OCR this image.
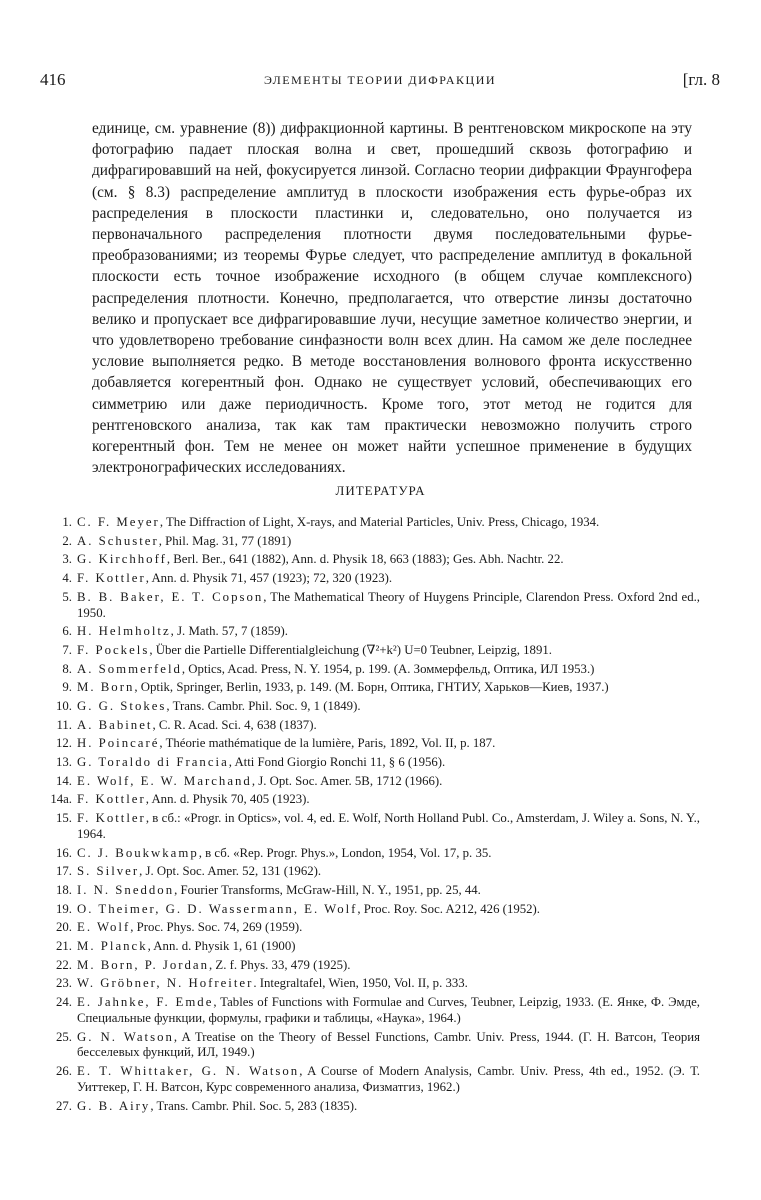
416	ЭЛЕМЕНТЫ ТЕОРИИ ДИФРАКЦИИ	[гл. 8

единице, см. уравнение (8)) дифракционной картины. В рентгеновском микроскопе на эту фотографию падает плоская волна и свет, прошедший сквозь фотографию и дифрагировавший на ней, фокусируется линзой. Согласно теории дифракции Фраунгофера (см. § 8.3) распределение амплитуд в плоскости изображения есть фурье-образ их распределения в плоскости пластинки и, следовательно, оно получается из первоначального распределения плотности двумя последовательными фурье-преобразованиями; из теоремы Фурье следует, что распределение амплитуд в фокальной плоскости есть точное изображение исходного (в общем случае комплексного) распределения плотности. Конечно, предполагается, что отверстие линзы достаточно велико и пропускает все дифрагировавшие лучи, несущие заметное количество энергии, и что удовлетворено требование синфазности волн всех длин. На самом же деле последнее условие выполняется редко. В методе восстановления волнового фронта искусственно добавляется когерентный фон. Однако не существует условий, обеспечивающих его симметрию или даже периодичность. Кроме того, этот метод не годится для рентгеновского анализа, так как там практически невозможно получить строго когерентный фон. Тем не менее он может найти успешное применение в будущих электронографических исследованиях.

ЛИТЕРАТУРА
1. C. F. Meyer, The Diffraction of Light, X-rays, and Material Particles, Univ. Press, Chicago, 1934.
2. A. Schuster, Phil. Mag. 31, 77 (1891)
3. G. Kirchhoff, Berl. Ber., 641 (1882), Ann. d. Physik 18, 663 (1883); Ges. Abh. Nachtr. 22.
4. F. Kottler, Ann. d. Physik 71, 457 (1923); 72, 320 (1923).
5. B. B. Baker, E. T. Copson, The Mathematical Theory of Huygens Principle, Clarendon Press. Oxford 2nd ed., 1950.
6. H. Helmholtz, J. Math. 57, 7 (1859).
7. F. Pockels, Über die Partielle Differentialgleichung (∇²+k²) U=0 Teubner, Leipzig, 1891.
8. A. Sommerfeld, Optics, Acad. Press, N. Y. 1954, p. 199. (А. Зоммерфельд, Оптика, ИЛ 1953.)
9. M. Born, Optik, Springer, Berlin, 1933, p. 149. (М. Борн, Оптика, ГНТИУ, Харьков—Киев, 1937.)
10. G. G. Stokes, Trans. Cambr. Phil. Soc. 9, 1 (1849).
11. A. Babinet, C. R. Acad. Sci. 4, 638 (1837).
12. H. Poincaré, Théorie mathématique de la lumière, Paris, 1892, Vol. II, p. 187.
13. G. Toraldo di Francia, Atti Fond Giorgio Ronchi 11, § 6 (1956).
14. E. Wolf, E. W. Marchand, J. Opt. Soc. Amer. 5B, 1712 (1966).
14a. F. Kottler, Ann. d. Physik 70, 405 (1923).
15. F. Kottler, в сб.: «Progr. in Optics», vol. 4, ed. E. Wolf, North Holland Publ. Co., Amsterdam, J. Wiley a. Sons, N. Y., 1964.
16. C. J. Boukwkamp, в сб. «Rep. Progr. Phys.», London, 1954, Vol. 17, p. 35.
17. S. Silver, J. Opt. Soc. Amer. 52, 131 (1962).
18. I. N. Sneddon, Fourier Transforms, McGraw-Hill, N. Y., 1951, pp. 25, 44.
19. O. Theimer, G. D. Wassermann, E. Wolf, Proc. Roy. Soc. A212, 426 (1952).
20. E. Wolf, Proc. Phys. Soc. 74, 269 (1959).
21. M. Planck, Ann. d. Physik 1, 61 (1900)
22. M. Born, P. Jordan, Z. f. Phys. 33, 479 (1925).
23. W. Gröbner, N. Hofreiter. Integraltafel, Wien, 1950, Vol. II, p. 333.
24. E. Jahnke, F. Emde, Tables of Functions with Formulae and Curves, Teubner, Leipzig, 1933. (Е. Янке, Ф. Эмде, Специальные функции, формулы, графики и таблицы, «Наука», 1964.)
25. G. N. Watson, A Treatise on the Theory of Bessel Functions, Cambr. Univ. Press, 1944. (Г. Н. Ватсон, Теория бесселевых функций, ИЛ, 1949.)
26. E. T. Whittaker, G. N. Watson, A Course of Modern Analysis, Cambr. Univ. Press, 4th ed., 1952. (Э. Т. Уиттекер, Г. Н. Ватсон, Курс современного анализа, Физматгиз, 1962.)
27. G. B. Airy, Trans. Cambr. Phil. Soc. 5, 283 (1835).
